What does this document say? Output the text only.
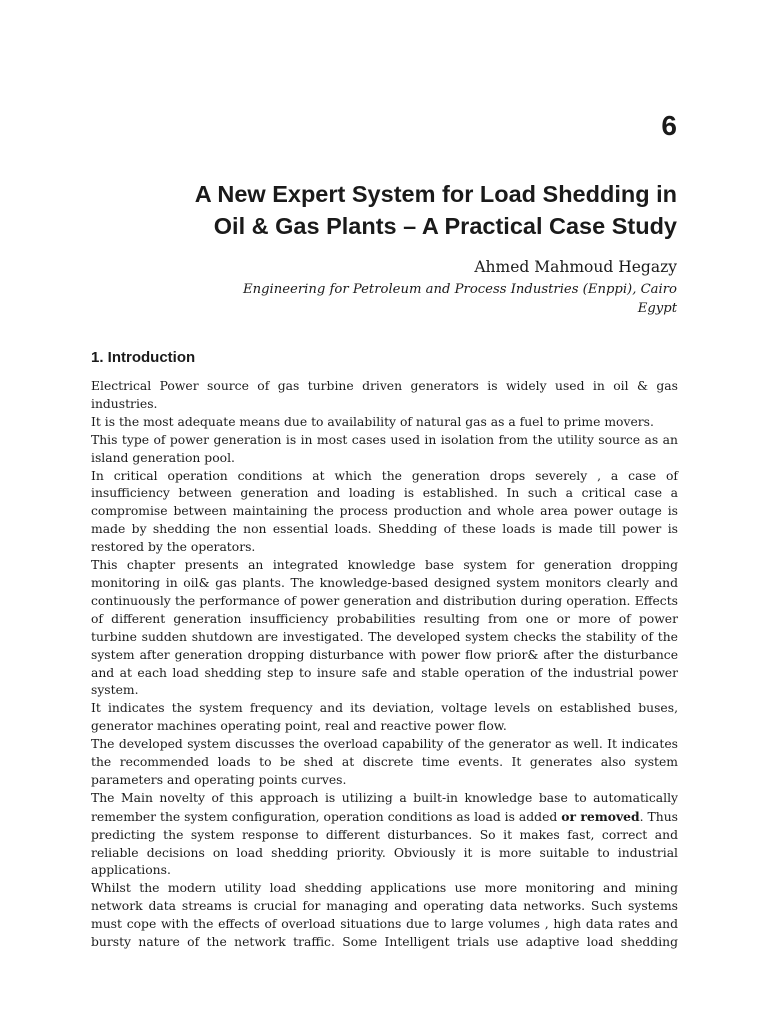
6
A New Expert System for Load Shedding in
Oil & Gas Plants – A Practical Case Study
Ahmed Mahmoud Hegazy
Engineering for Petroleum and Process Industries (Enppi), Cairo
Egypt
1. Introduction

Electrical Power source of gas turbine driven generators is widely used in oil & gas industries.

It is the most adequate means due to availability of natural gas as a fuel to prime movers.

This type of power generation is in most cases used in isolation from the utility source as an island generation pool.

In critical operation conditions at which the generation drops severely , a case of insufficiency between generation and loading is established. In such a critical case a compromise between maintaining the process production and whole area power outage is made by shedding the non essential loads. Shedding of these loads is made till power is restored by the operators.

This chapter presents an integrated knowledge base system for generation dropping monitoring in oil& gas plants. The knowledge-based designed system monitors clearly and continuously the performance of power generation and distribution during operation. Effects of different generation insufficiency probabilities resulting from one or more of power turbine sudden shutdown are investigated. The developed system checks the stability of the system after generation dropping disturbance with power flow prior& after the disturbance and at each load shedding step to insure safe and stable operation of the industrial power system.

It indicates the system frequency and its deviation, voltage levels on established buses, generator machines operating point, real and reactive power flow.

The developed system discusses the overload capability of the generator as well. It indicates the recommended loads to be shed at discrete time events. It generates also system parameters and operating points curves.

The Main novelty of this approach is utilizing a built-in knowledge base to automatically remember the system configuration, operation conditions as load is added or removed. Thus predicting the system response to different disturbances. So it makes fast, correct and reliable decisions on load shedding priority. Obviously it is more suitable to industrial applications.

Whilst the modern utility load shedding applications use more monitoring and mining network data streams is crucial for managing and operating data networks. Such systems must cope with the effects of overload situations due to large volumes , high data rates and bursty nature of the network traffic. Some Intelligent trials use adaptive load shedding
